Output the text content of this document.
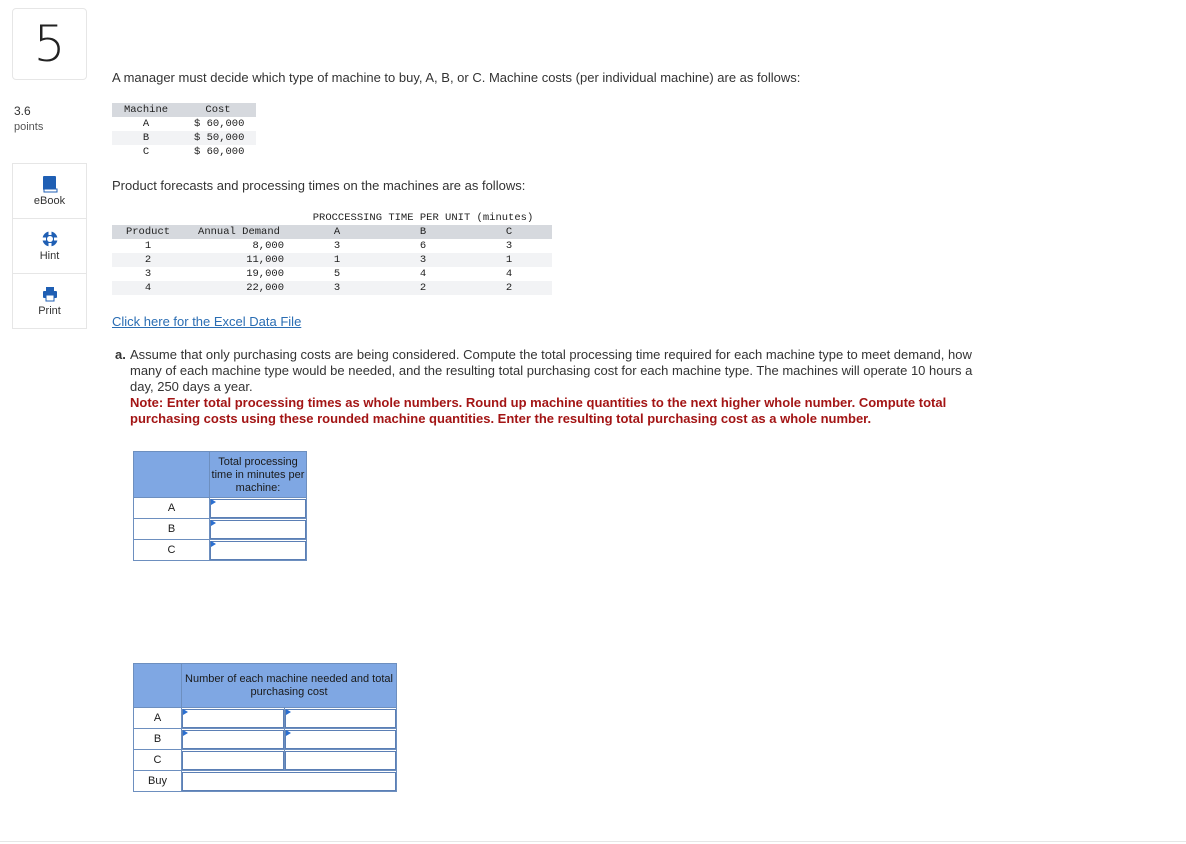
5
3.6
points
eBook
Hint
Print
A manager must decide which type of machine to buy, A, B, or C. Machine costs (per individual machine) are as follows:
Machine	Cost
A	$ 60,000
B	$ 50,000
C	$ 60,000
Product forecasts and processing times on the machines are as follows:
		PROCCESSING TIME PER UNIT (minutes)		
Product	Annual Demand	A	B	C
1	8,000	3	6	3
2	11,000	1	3	1
3	19,000	5	4	4
4	22,000	3	2	2
Click here for the Excel Data File
a. Assume that only purchasing costs are being considered. Compute the total processing time required for each machine type to meet demand, how many of each machine type would be needed, and the resulting total purchasing cost for each machine type. The machines will operate 10 hours a day, 250 days a year.
Note: Enter total processing times as whole numbers. Round up machine quantities to the next higher whole number. Compute total purchasing costs using these rounded machine quantities. Enter the resulting total purchasing cost as a whole number.
	Total processing time in minutes per machine:
A	

B	

C	
	Number of each machine needed and total purchasing cost	
A	

B	

C	

Buy	
